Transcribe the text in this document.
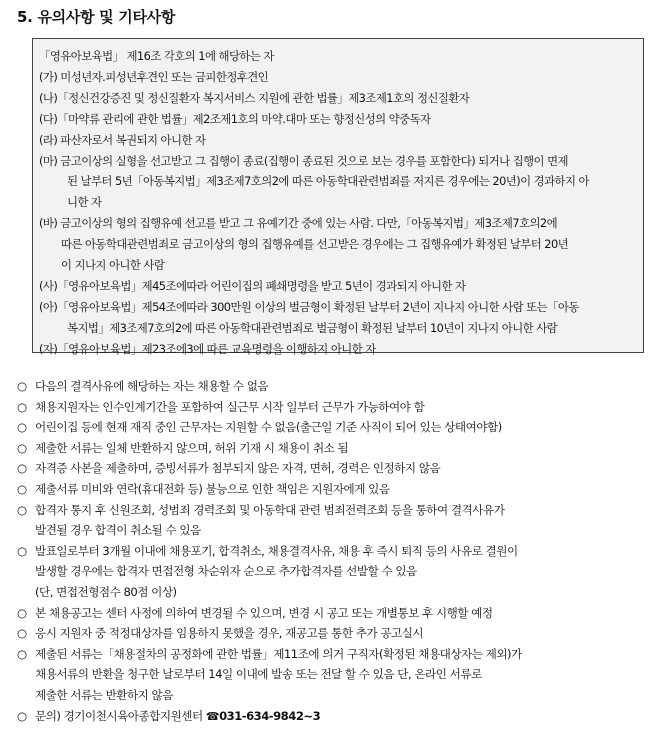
5. 유의사항 및 기타사항
「영유아보육법」 제16조 각호의 1에 해당하는 자
(가) 미성년자.피성년후견인 또는 금피한정후견인
(나)「정신건강증진 및 정신질환자 복지서비스 지원에 관한 법률」제3조제1호의 정신질환자
(다)「마약류 관리에 관한 법률」제2조제1호의 마약.대마 또는 향정신성의 약중독자
(라) 파산자로서 복권되지 아니한 자
(마) 금고이상의 실형을 선고받고 그 집행이 종료(집행이 종료된 것으로 보는 경우를 포함한다) 되거나 집행이 면제
된 날부터 5년「아동복지법」제3조제7호의2에 따른 아동학대관련범죄를 저지른 경우에는 20년)이 경과하지 아
니한 자
(바) 금고이상의 형의 집행유예 선고를 받고 그 유예기간 중에 있는 사람. 다만,「아동복지법」제3조제7호의2에
따른 아동학대관련범죄로 금고이상의 형의 집행유예를 선고받은 경우에는 그 집행유예가 확정된 날부터 20년
이 지나지 아니한 사람
(사)「영유아보육법」제45조에따라 어린이집의 폐쇄명령을 받고 5년이 경과되지 아니한 자
(아)「영유아보육법」제54조에따라 300만원 이상의 벌금형이 확정된 날부터 2년이 지나지 아니한 사람 또는「아동
복지법」제3조제7호의2에 따른 아동학대관련범죄로 벌금형이 확정된 날부터 10년이 지나지 아니한 사람
(자)「영유아보육법」제23조에3에 따른 교육명령을 이행하지 아니한 자
○ 다음의 결격사유에 해당하는 자는 채용할 수 없음
○ 채용지원자는 인수인계기간을 포함하여 실근무 시작 일부터 근무가 가능하여야 함
○ 어린이집 등에 현재 재직 중인 근무자는 지원할 수 없음(출근일 기준 사직이 되어 있는 상태여야함)
○ 제출한 서류는 일체 반환하지 않으며, 허위 기재 시 채용이 취소 됨
○ 자격증 사본을 제출하며, 증빙서류가 첨부되지 않은 자격, 면허, 경력은 인정하지 않음
○ 제출서류 미비와 연락(휴대전화 등) 불능으로 인한 책임은 지원자에게 있음
○ 합격자 통지 후 신원조회, 성범죄 경력조회 및 아동학대 관련 범죄전력조회 등을 통하여 결격사유가
발견될 경우 합격이 취소될 수 있음
○ 발표일로부터 3개월 이내에 채용포기, 합격취소, 채용결격사유, 채용 후 즉시 퇴직 등의 사유로 결원이
발생할 경우에는 합격자 면접전형 차순위자 순으로 추가합격자를 선발할 수 있음
(단, 면접전형점수 80점 이상)
○ 본 채용공고는 센터 사정에 의하여 변경될 수 있으며, 변경 시 공고 또는 개별통보 후 시행할 예정
○ 응시 지원자 중 적정대상자를 임용하지 못했을 경우, 재공고를 통한 추가 공고실시
○ 제출된 서류는「채용절차의 공정화에 관한 법률」제11조에 의거 구직자(확정된 채용대상자는 제외)가
채용서류의 반환을 청구한 날로부터 14일 이내에 발송 또는 전달 할 수 있음 단, 온라인 서류로
제출한 서류는 반환하지 않음
○ 문의) 경기이천시육아종합지원센터 ☎031-634-9842~3
